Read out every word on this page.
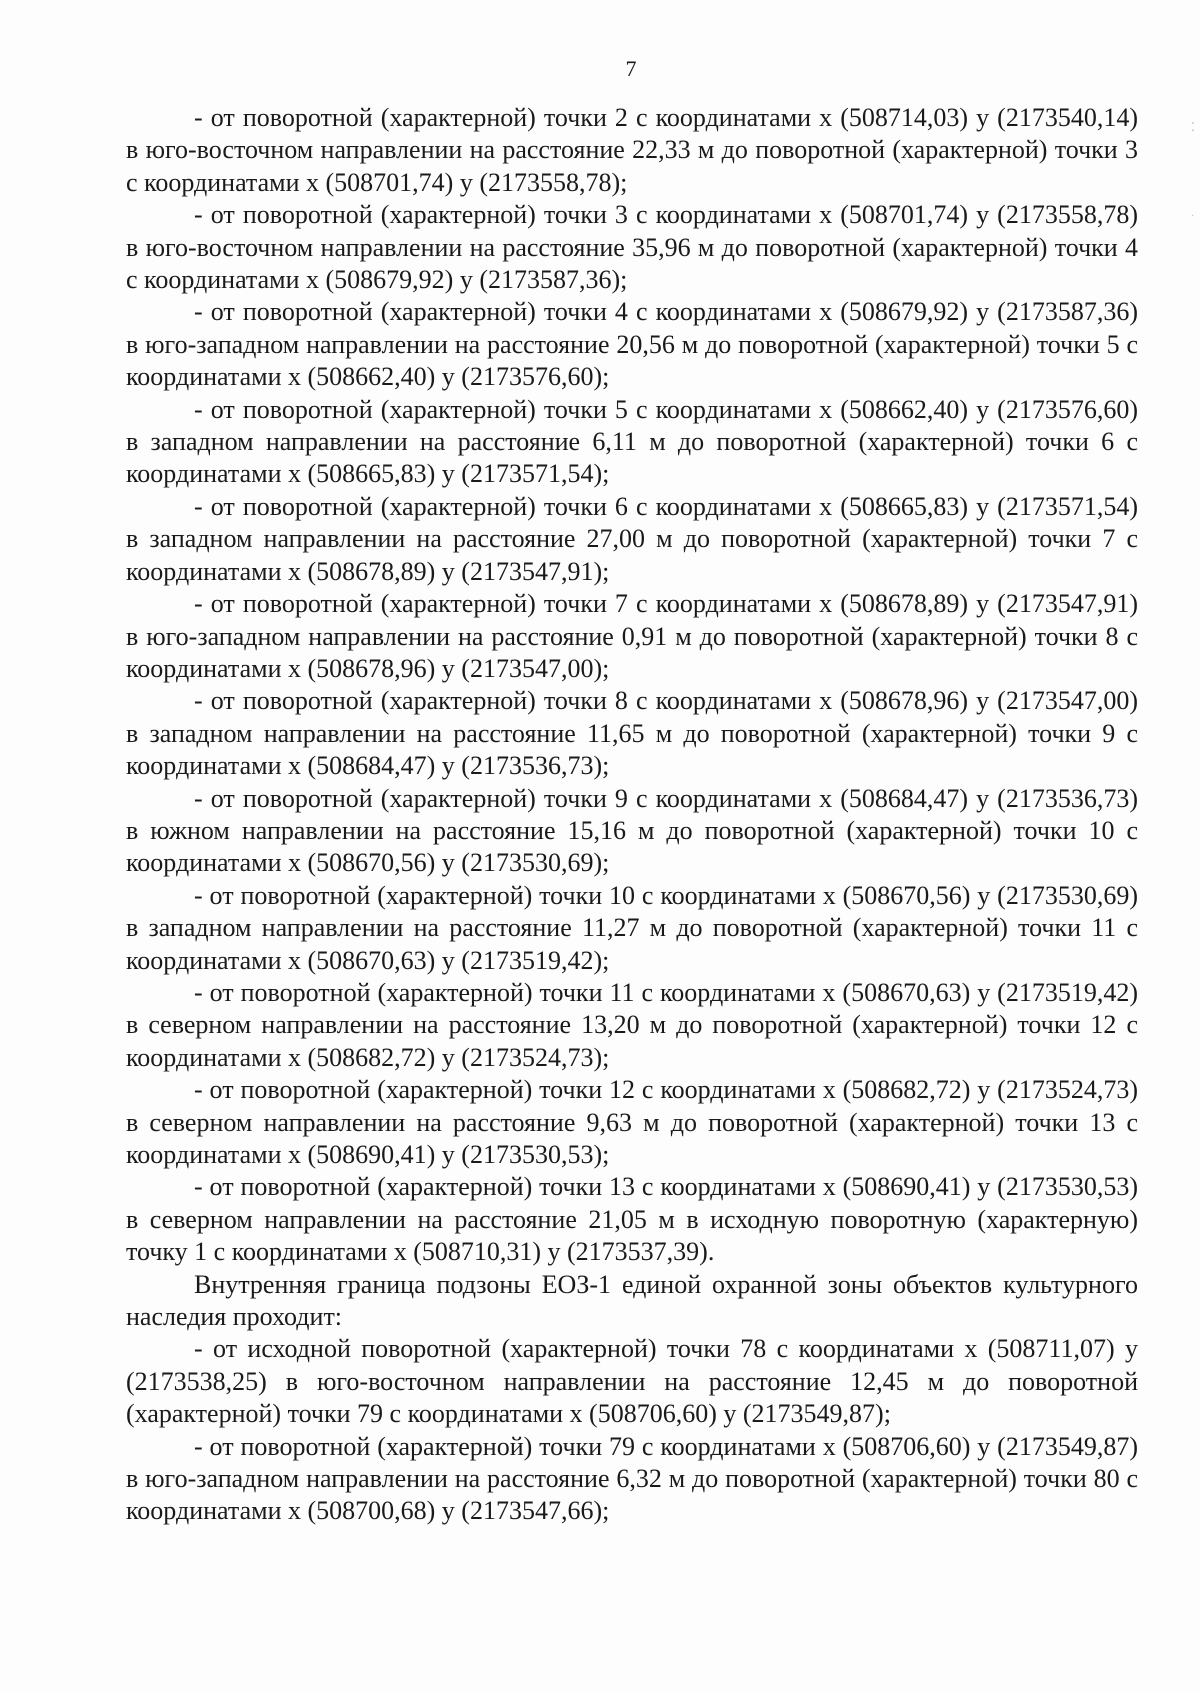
7

- от поворотной (характерной) точки 2 с координатами x (508714,03) y (2173540,14) в юго-восточном направлении на расстояние 22,33 м до поворотной (характерной) точки 3 с координатами x (508701,74) y (2173558,78);

- от поворотной (характерной) точки 3 с координатами x (508701,74) y (2173558,78) в юго-восточном направлении на расстояние 35,96 м до поворотной (характерной) точки 4 с координатами x (508679,92) y (2173587,36);

- от поворотной (характерной) точки 4 с координатами x (508679,92) y (2173587,36) в юго-западном направлении на расстояние 20,56 м до поворотной (характерной) точки 5 с координатами x (508662,40) y (2173576,60);

- от поворотной (характерной) точки 5 с координатами x (508662,40) y (2173576,60) в западном направлении на расстояние 6,11 м до поворотной (характерной) точки 6 с координатами x (508665,83) y (2173571,54);

- от поворотной (характерной) точки 6 с координатами x (508665,83) y (2173571,54) в западном направлении на расстояние 27,00 м до поворотной (характерной) точки 7 с координатами x (508678,89) y (2173547,91);

- от поворотной (характерной) точки 7 с координатами x (508678,89) y (2173547,91) в юго-западном направлении на расстояние 0,91 м до поворотной (характерной) точки 8 с координатами x (508678,96) y (2173547,00);

- от поворотной (характерной) точки 8 с координатами x (508678,96) y (2173547,00) в западном направлении на расстояние 11,65 м до поворотной (характерной) точки 9 с координатами x (508684,47) y (2173536,73);

- от поворотной (характерной) точки 9 с координатами x (508684,47) y (2173536,73) в южном направлении на расстояние 15,16 м до поворотной (характерной) точки 10 с координатами x (508670,56) y (2173530,69);

- от поворотной (характерной) точки 10 с координатами x (508670,56) y (2173530,69) в западном направлении на расстояние 11,27 м до поворотной (характерной) точки 11 с координатами x (508670,63) y (2173519,42);

- от поворотной (характерной) точки 11 с координатами x (508670,63) y (2173519,42) в северном направлении на расстояние 13,20 м до поворотной (характерной) точки 12 с координатами x (508682,72) y (2173524,73);

- от поворотной (характерной) точки 12 с координатами x (508682,72) y (2173524,73) в северном направлении на расстояние 9,63 м до поворотной (характерной) точки 13 с координатами x (508690,41) y (2173530,53);

- от поворотной (характерной) точки 13 с координатами x (508690,41) y (2173530,53) в северном направлении на расстояние 21,05 м в исходную поворотную (характерную) точку 1 с координатами x (508710,31) y (2173537,39).

Внутренняя граница подзоны ЕОЗ-1 единой охранной зоны объектов культурного наследия проходит:

- от исходной поворотной (характерной) точки 78 с координатами x (508711,07) y (2173538,25) в юго-восточном направлении на расстояние 12,45 м до поворотной (характерной) точки 79 с координатами x (508706,60) y (2173549,87);

- от поворотной (характерной) точки 79 с координатами x (508706,60) y (2173549,87) в юго-западном направлении на расстояние 6,32 м до поворотной (характерной) точки 80 с координатами x (508700,68) y (2173547,66);

⁚
·
